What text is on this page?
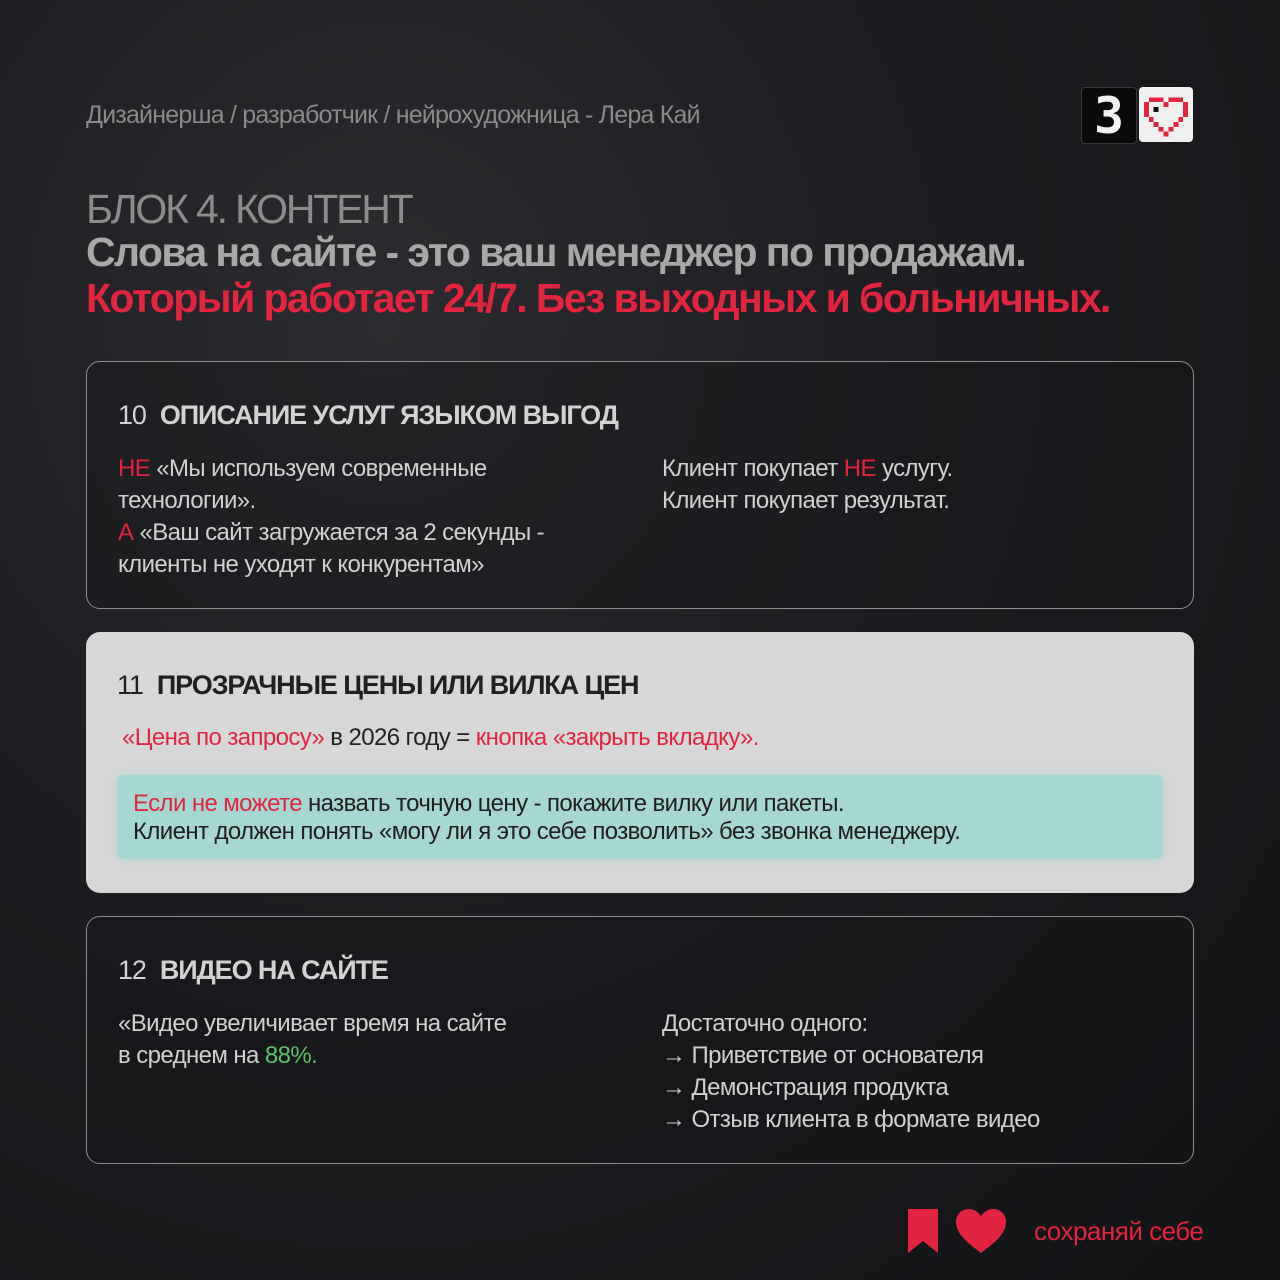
Дизайнерша / разработчик / нейрохудожница - Лера Кай	3
БЛОК 4. КОНТЕНТ
Слова на сайте - это ваш менеджер по продажам.
Который работает 24/7. Без выходных и больничных.
10 ОПИСАНИЕ УСЛУГ ЯЗЫКОМ ВЫГОД
НЕ «Мы используем современные
технологии».
А «Ваш сайт загружается за 2 секунды -
клиенты не уходят к конкурентам»
Клиент покупает НЕ услугу.
Клиент покупает результат.
11 ПРОЗРАЧНЫЕ ЦЕНЫ ИЛИ ВИЛКА ЦЕН
«Цена по запросу» в 2026 году = кнопка «закрыть вкладку».
Если не можете назвать точную цену - покажите вилку или пакеты.
Клиент должен понять «могу ли я это себе позволить» без звонка менеджеру.
12 ВИДЕО НА САЙТЕ
«Видео увеличивает время на сайте
в среднем на 88%.
Достаточно одного:
→ Приветствие от основателя
→ Демонстрация продукта
→ Отзыв клиента в формате видео
сохраняй себе
